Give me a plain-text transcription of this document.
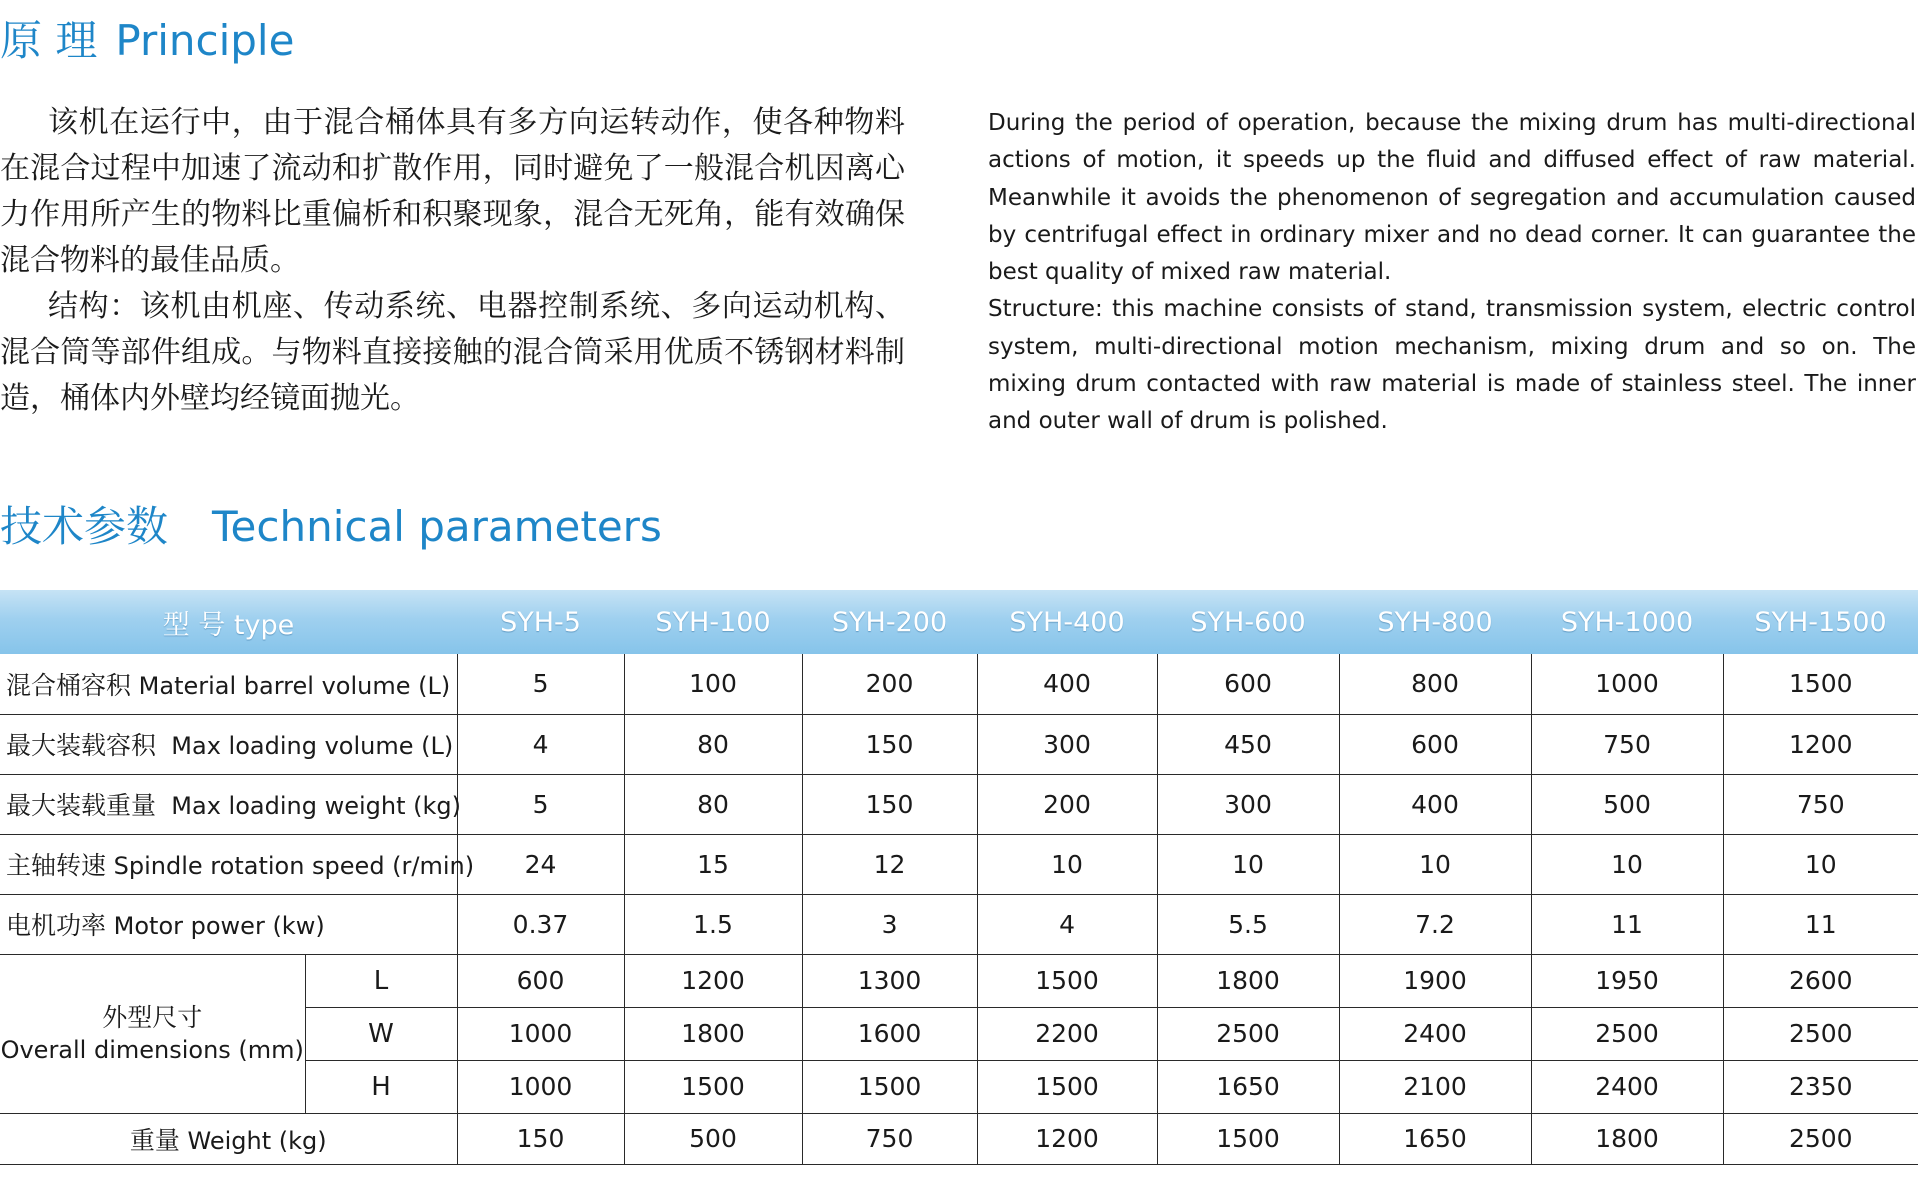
原 理 Principle

该机在运行中，由于混合桶体具有多方向运转动作，使各种物料在混合过程中加速了流动和扩散作用，同时避免了一般混合机因离心力作用所产生的物料比重偏析和积聚现象，混合无死角，能有效确保混合物料的最佳品质。

结构：该机由机座、传动系统、电器控制系统、多向运动机构、混合筒等部件组成。与物料直接接触的混合筒采用优质不锈钢材料制造，桶体内外壁均经镜面抛光。

During the period of operation, because the mixing drum has multi-directional actions of motion, it speeds up the fluid and diffused effect of raw material. Meanwhile it avoids the phenomenon of segregation and accumulation caused by centrifugal effect in ordinary mixer and no dead corner. It can guarantee the best quality of mixed raw material.

Structure: this machine consists of stand, transmission system, electric control system, multi-directional motion mechanism, mixing drum and so on. The mixing drum contacted with raw material is made of stainless steel. The inner and outer wall of drum is polished.

技术参数 Technical parameters
型 号 type		SYH-5	SYH-100	SYH-200	SYH-400	SYH-600	SYH-800	SYH-1000	SYH-1500
混合桶容积 Material barrel volume (L)		5	100	200	400	600	800	1000	1500
最大装载容积 Max loading volume (L)		4	80	150	300	450	600	750	1200
最大装载重量 Max loading weight (kg)		5	80	150	200	300	400	500	750
主轴转速 Spindle rotation speed (r/min)		24	15	12	10	10	10	10	10
电机功率 Motor power (kw)		0.37	1.5	3	4	5.5	7.2	11	11

外型尺寸
Overall dimensions (mm)	L	600	1200	1300	1500	1800	1900	1950	2600
	W	1000	1800	1600	2200	2500	2400	2500	2500
	H	1000	1500	1500	1500	1650	2100	2400	2350
重量 Weight (kg)		150	500	750	1200	1500	1650	1800	2500
